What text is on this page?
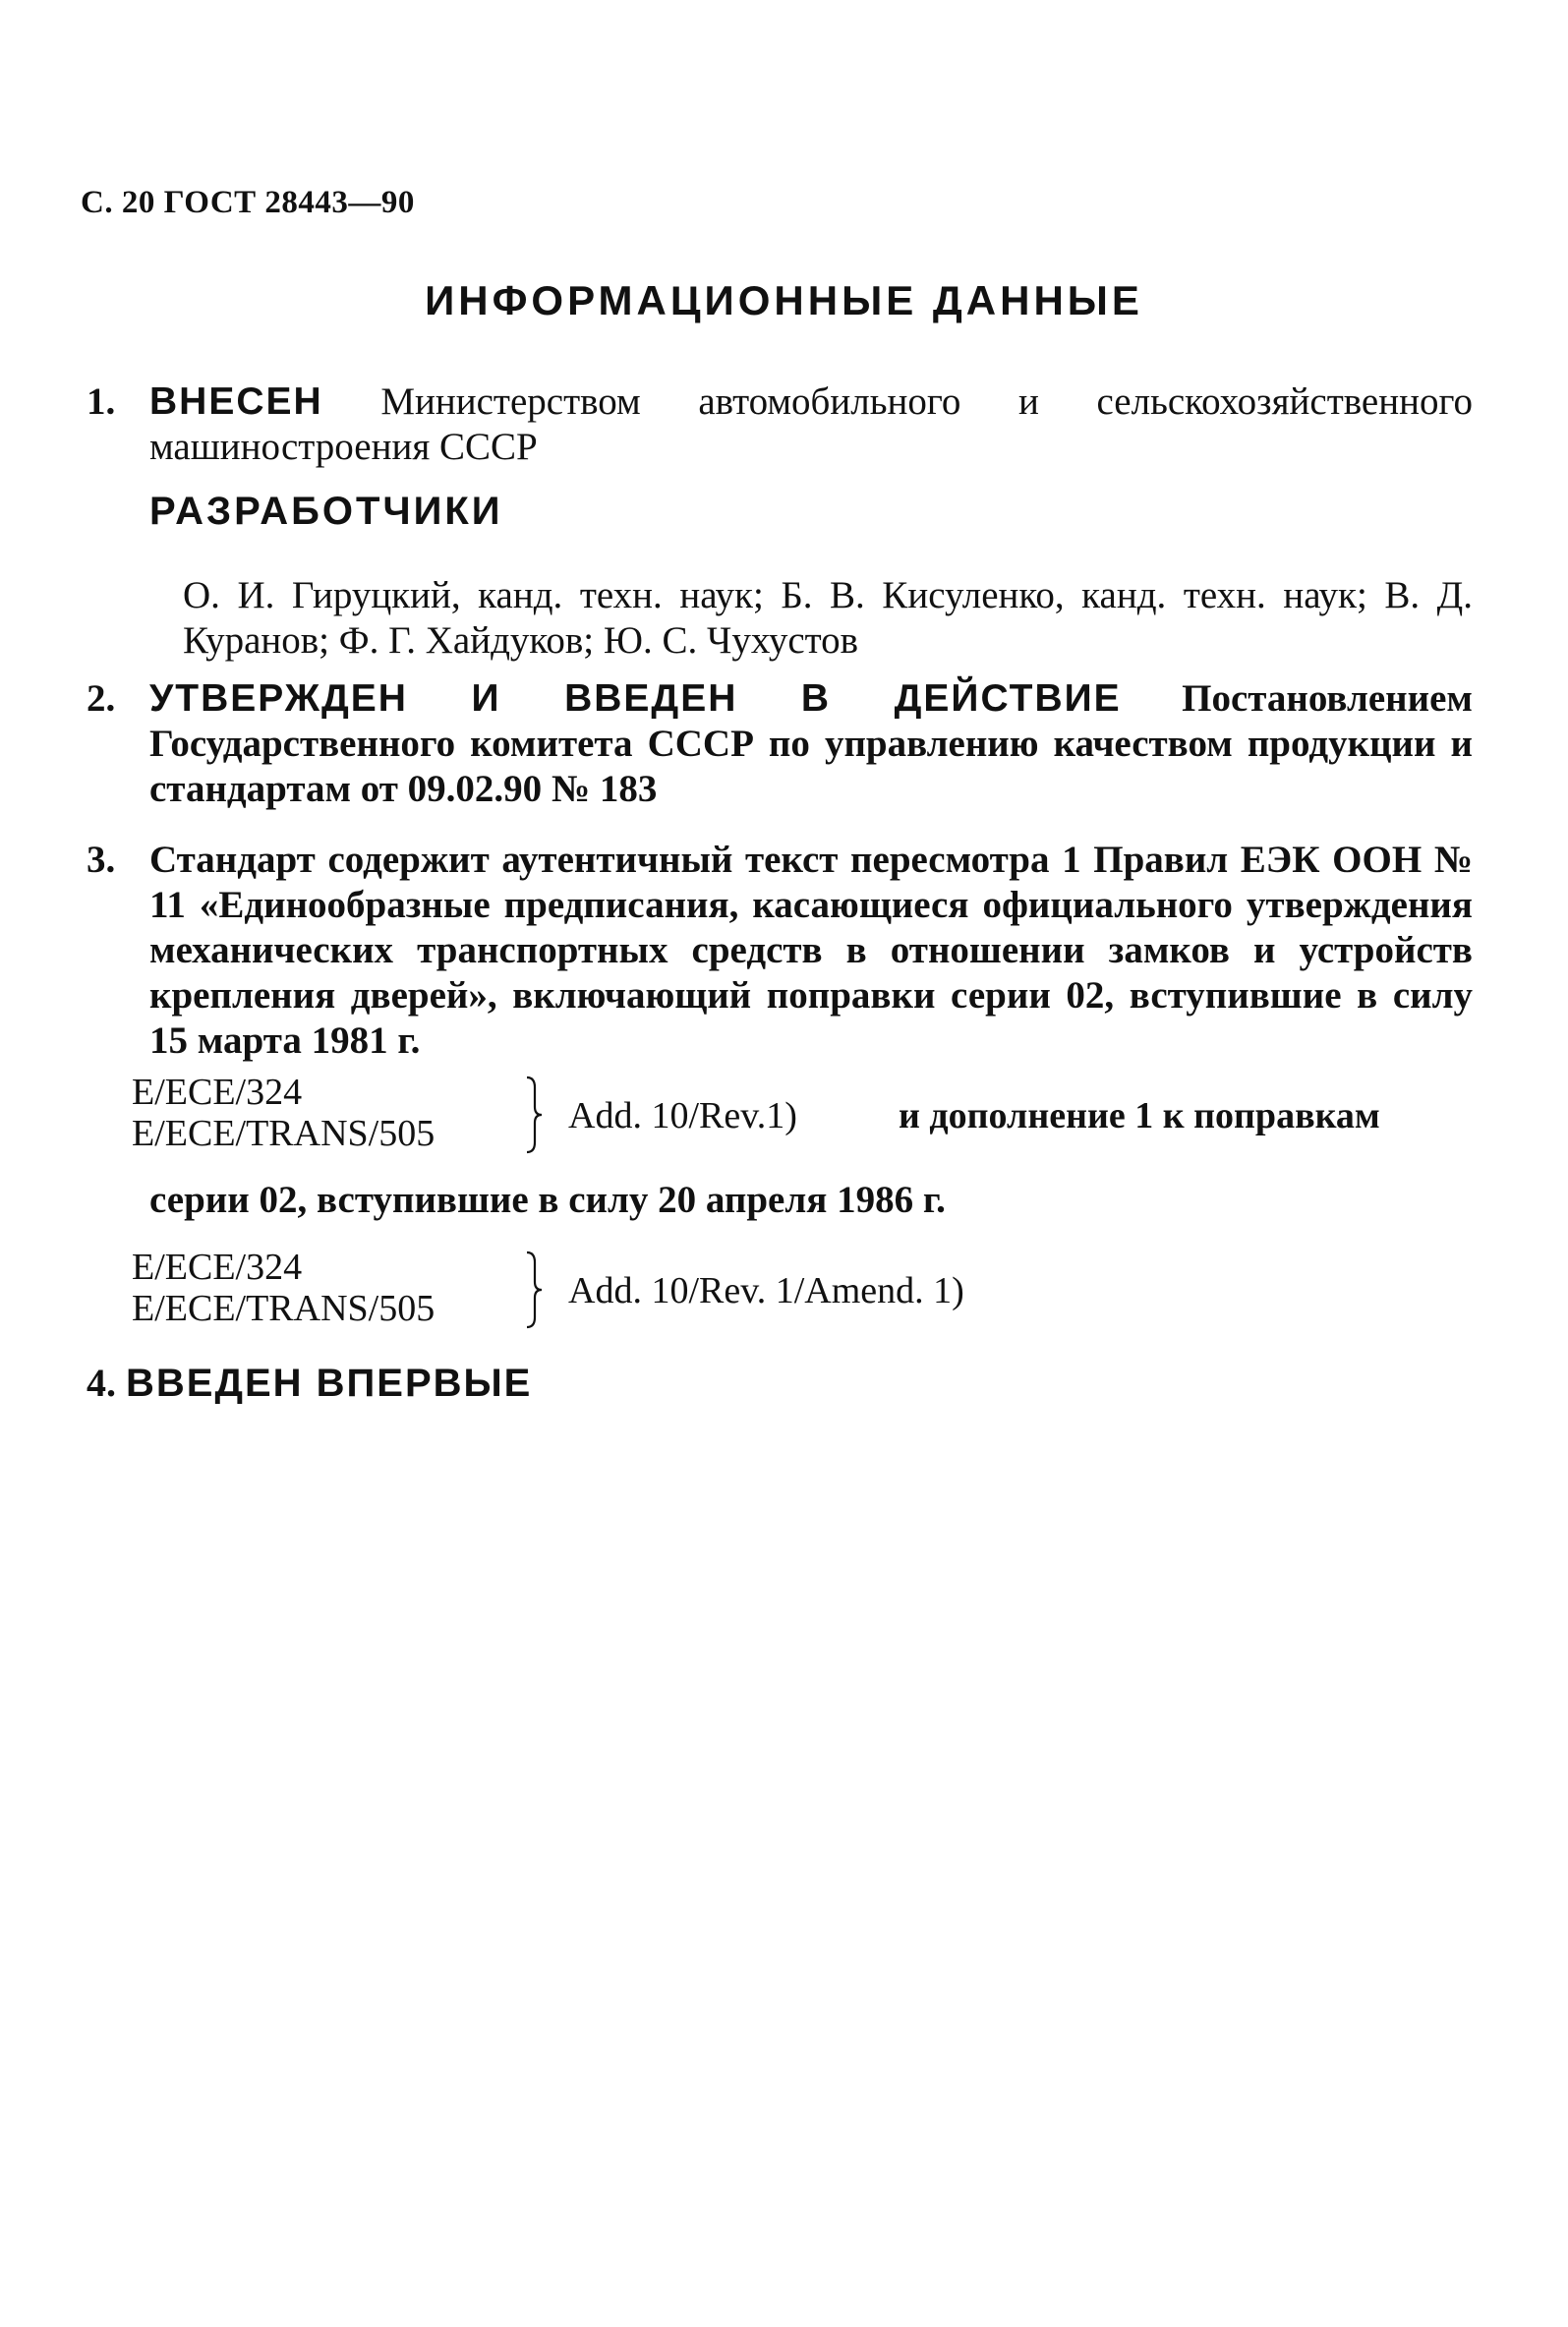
С. 20 ГОСТ 28443—90
ИНФОРМАЦИОННЫЕ ДАННЫЕ
1. ВНЕСЕН Министерством автомобильного и сельскохозяйственного машиностроения СССР
РАЗРАБОТЧИКИ
О. И. Гируцкий, канд. техн. наук; Б. В. Кисуленко, канд. техн. наук; В. Д. Куранов; Ф. Г. Хайдуков; Ю. С. Чухустов
2. УТВЕРЖДЕН И ВВЕДЕН В ДЕЙСТВИЕ Постановлением Государственного комитета СССР по управлению качеством продукции и стандартам от 09.02.90 № 183
3. Стандарт содержит аутентичный текст пересмотра 1 Правил ЕЭК ООН № 11 «Единообразные предписания, касающиеся официального утверждения механических транспортных средств в отношении замков и устройств крепления дверей», включающий поправки серии 02, вступившие в силу 15 марта 1981 г.
E/ECE/324
E/ECE/TRANS/505	Add. 10/Rev.1)	и дополнение 1 к поправкам
серии 02, вступившие в силу 20 апреля 1986 г.
E/ECE/324
E/ECE/TRANS/505	Add. 10/Rev. 1/Amend. 1)
4. ВВЕДЕН ВПЕРВЫЕ
